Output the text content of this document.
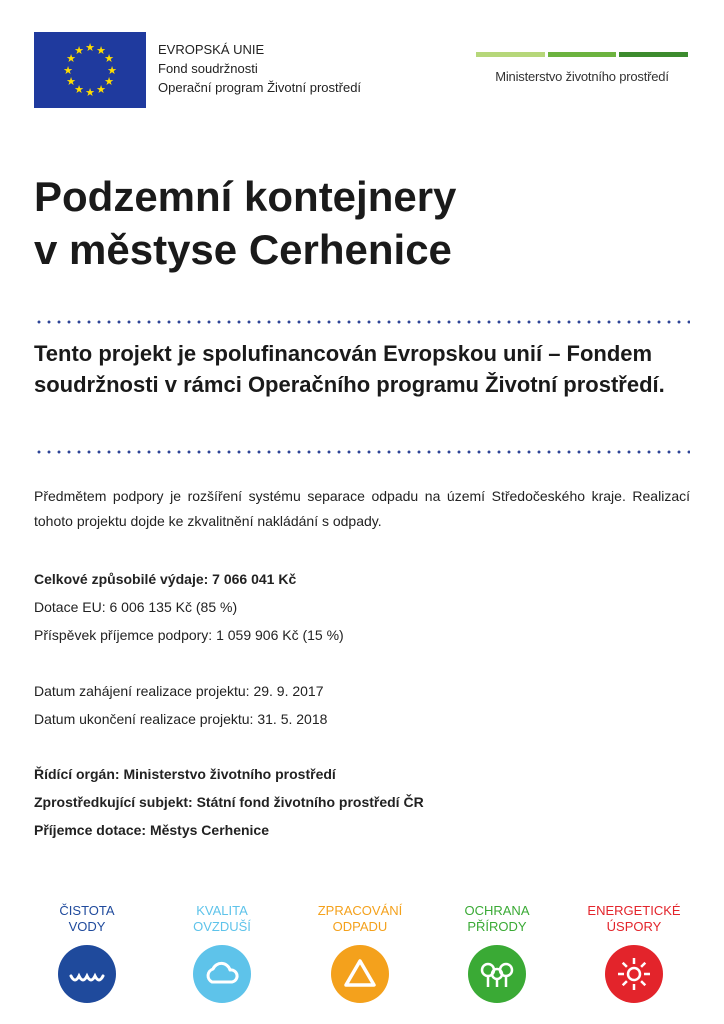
★ ★
★
★
★
★
★
★
★
★
★
★	EVROPSKÁ UNIE
Fond soudržnosti
Operační program Životní prostředí
Ministerstvo životního prostředí
Podzemní kontejnery
v městyse Cerhenice

Tento projekt je spolufinancován Evropskou unií – Fondem soudržnosti v rámci Operačního programu Životní prostředí.

Předmětem podpory je rozšíření systému separace odpadu na území Středočeského kraje. Realizací tohoto projektu dojde ke zkvalitnění nakládání s odpady.
Celkové způsobilé výdaje: 7 066 041 Kč
Dotace EU: 6 006 135 Kč (85 %)
Příspěvek příjemce podpory: 1 059 906 Kč (15 %)
Datum zahájení realizace projektu: 29. 9. 2017
Datum ukončení realizace projektu: 31. 5. 2018
Řídící orgán: Ministerstvo životního prostředí
Zprostředkující subjekt: Státní fond životního prostředí ČR
Příjemce dotace: Městys Cerhenice
ČISTOTA
VODY
KVALITA
OVZDUŠÍ
ZPRACOVÁNÍ
ODPADU
OCHRANA
PŘÍRODY
ENERGETICKÉ
ÚSPORY
